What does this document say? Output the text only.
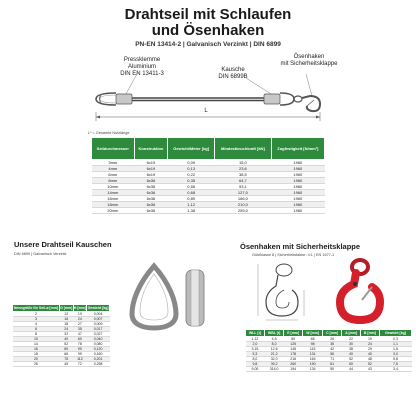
Drahtseil mit Schlaufen
und Ösenhaken
PN-EN 13414-2 | Galvanisch Verzinkt | DIN 6899
Pressklemme Aluminium
DIN EN 13411-3
Kausche
DIN 6899B
Ösenhaken
mit Sicherheitsklappe
L
L* = Gesamte Nutzlänge
Seildurchmesser	Konstruktion	Gewicht/Meter [kg]	Mindestbruchkraft [kN]	Zugfestigkeit [N/mm²]
3mm	6x19	0,09	15,0	1960
4mm	6x19	0,13	23,6	1960
6mm	6x19	0,22	38,5	1960
8mm	6x36	0,35	64,7	1960
10mm	6x36	0,56	93,1	1960
14mm	6x36	0,68	127,0	1960
16mm	6x36	0,89	166,0	1960
18mm	6x36	1,12	210,0	1960
20mm	6x36	1,38	259,0	1960
Unsere Drahtseil Kauschen
DIN 6899 | Galvanisch Verzinkt
Nenngröße für Seil-ø [mm]	G [mm]	H [mm]	Gewicht [kg]
2	12	19	0,004
3	16	24	0,007
4	18	27	0,009
6	24	35	0,017
8	32	47	0,027
10	40	60	0,040
14	52	78	0,080
16	60	90	0,120
18	66	99	0,160
20	75	112	0,201
26	45	72	0,298
Ösenhaken mit Sicherheitsklappe
Güteklasse 8 | Sicherheitsfaktor: 4:1 | EN 1677-1
WLL [t]	WBL [t]	E [mm]	W [mm]	C [mm]	A [mm]	B [mm]	Gewicht [kg]
1,12	4,5	80	68	26	22	19	0,3
2,0	8,0	125	98	35	30	24	1,1
3,15	12,6	145	115	42	38	29	1,6
5,3	21,2	178	131	56	40	40	3,0
8,0	32,0	216	164	71	52	48	5,8
9,8	39,2	260	190	81	60	52	7,5
9,00	314,0	194	134	50	44	43	3,4
